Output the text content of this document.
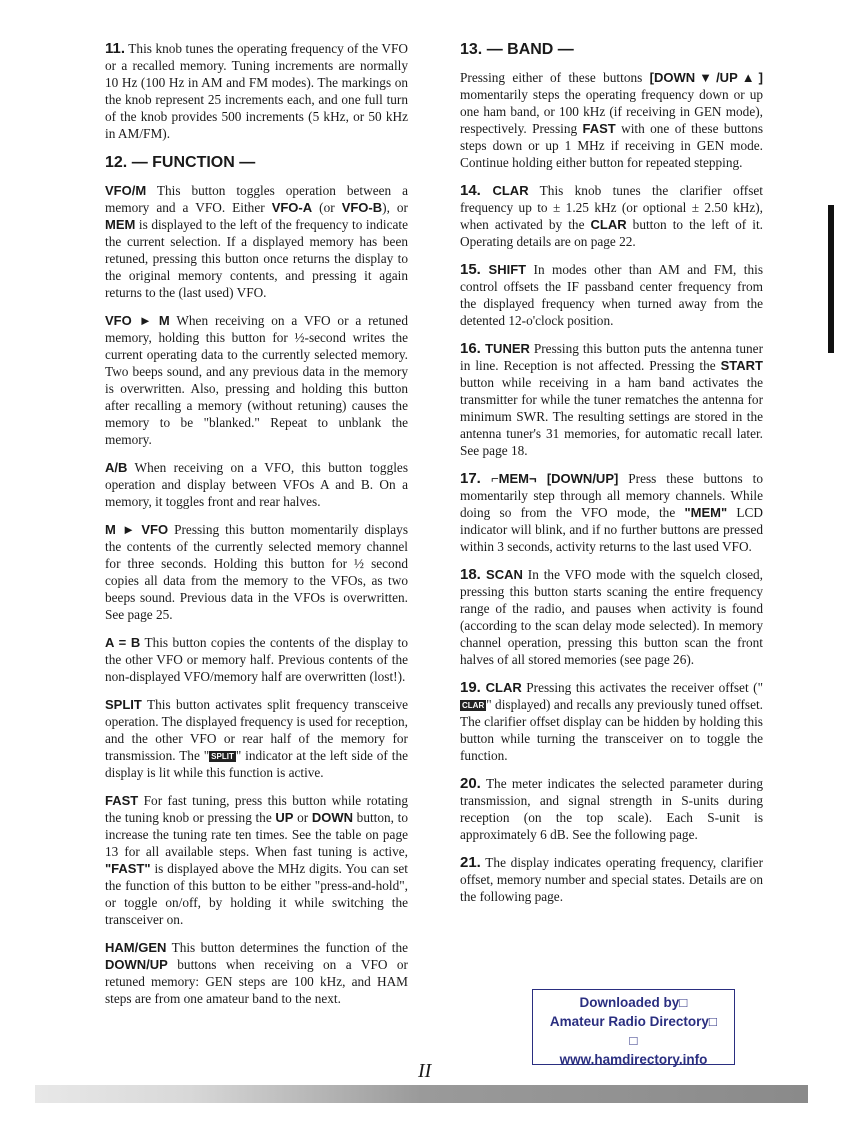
11. This knob tunes the operating frequency of the VFO or a recalled memory. Tuning increments are normally 10 Hz (100 Hz in AM and FM modes). The markings on the knob represent 25 increments each, and one full turn of the knob provides 500 increments (5 kHz, or 50 kHz in AM/FM).

12. — FUNCTION —

VFO/M This button toggles operation between a memory and a VFO. Either VFO-A (or VFO-B), or MEM is displayed to the left of the frequency to indicate the current selection. If a displayed memory has been retuned, pressing this button once returns the display to the original memory contents, and pressing it again returns to the (last used) VFO.

VFO ► M When receiving on a VFO or a retuned memory, holding this button for ½-second writes the current operating data to the currently selected memory. Two beeps sound, and any previous data in the memory is overwritten. Also, pressing and holding this button after recalling a memory (without retuning) causes the memory to be "blanked." Repeat to unblank the memory.

A/B When receiving on a VFO, this button toggles operation and display between VFOs A and B. On a memory, it toggles front and rear halves.

M ► VFO Pressing this button momentarily displays the contents of the currently selected memory channel for three seconds. Holding this button for ½ second copies all data from the memory to the VFOs, as two beeps sound. Previous data in the VFOs is overwritten. See page 25.

A = B This button copies the contents of the display to the other VFO or memory half. Previous contents of the non-displayed VFO/memory half are overwritten (lost!).

SPLIT This button activates split frequency transceive operation. The displayed frequency is used for reception, and the other VFO or rear half of the memory for transmission. The " SPLIT " indicator at the left side of the display is lit while this function is active.

FAST For fast tuning, press this button while rotating the tuning knob or pressing the UP or DOWN button, to increase the tuning rate ten times. See the table on page 13 for all available steps. When fast tuning is active, "FAST" is displayed above the MHz digits. You can set the function of this button to be either "press-and-hold", or toggle on/off, by holding it while switching the transceiver on.

HAM/GEN This button determines the function of the DOWN/UP buttons when receiving on a VFO or retuned memory: GEN steps are 100 kHz, and HAM steps are from one amateur band to the next.

13. — BAND —

Pressing either of these buttons [DOWN▼/UP▲] momentarily steps the operating frequency down or up one ham band, or 100 kHz (if receiving in GEN mode), respectively. Pressing FAST with one of these buttons steps down or up 1 MHz if receiving in GEN mode. Continue holding either button for repeated stepping.

14. CLAR This knob tunes the clarifier offset frequency up to ± 1.25 kHz (or optional ± 2.50 kHz), when activated by the CLAR button to the left of it. Operating details are on page 22.

15. SHIFT In modes other than AM and FM, this control offsets the IF passband center frequency from the displayed frequency when turned away from the detented 12-o'clock position.

16. TUNER Pressing this button puts the antenna tuner in line. Reception is not affected. Pressing the START button while receiving in a ham band activates the transmitter for while the tuner rematches the antenna for minimum SWR. The resulting settings are stored in the antenna tuner's 31 memories, for automatic recall later. See page 18.

17. ⌐MEM¬ [DOWN/UP] Press these buttons to momentarily step through all memory channels. While doing so from the VFO mode, the "MEM" LCD indicator will blink, and if no further buttons are pressed within 3 seconds, activity returns to the last used VFO.

18. SCAN In the VFO mode with the squelch closed, pressing this button starts scaning the entire frequency range of the radio, and pauses when activity is found (according to the scan delay mode selected). In memory channel operation, pressing this button scan the front halves of all stored memories (see page 26).

19. CLAR Pressing this activates the receiver offset ("CLAR " displayed) and recalls any previously tuned offset. The clarifier offset display can be hidden by holding this button while turning the transceiver on to toggle the function.

20. The meter indicates the selected parameter during transmission, and signal strength in S-units during reception (on the top scale). Each S-unit is approximately 6 dB. See the following page.

21. The display indicates operating frequency, clarifier offset, memory number and special states. Details are on the following page.

Downloaded by□
Amateur Radio Directory□
□
www.hamdirectory.info
II
